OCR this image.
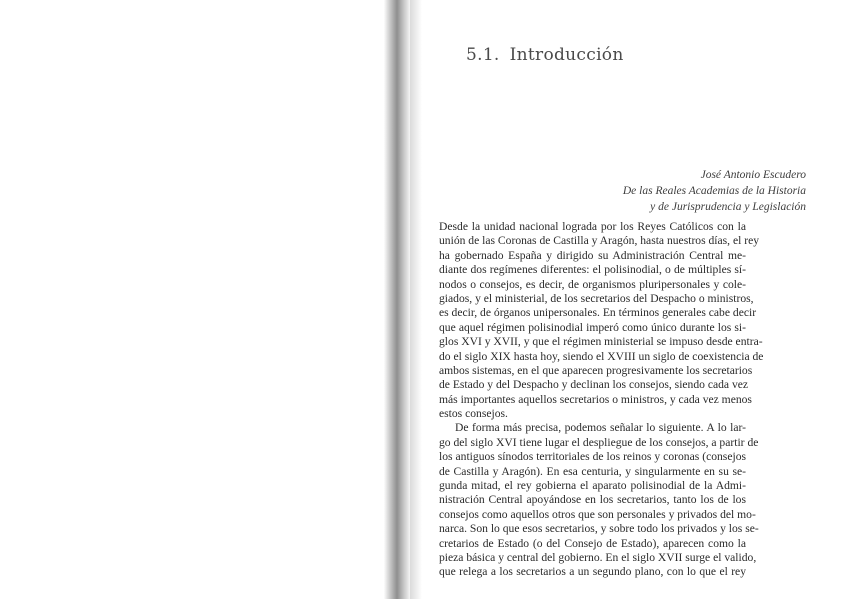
5.1. Introducción
José Antonio Escudero
De las Reales Academias de la Historia
y de Jurisprudencia y Legislación
Desde la unidad nacional lograda por los Reyes Católicos con la
unión de las Coronas de Castilla y Aragón, hasta nuestros días, el rey
ha gobernado España y dirigido su Administración Central me-
diante dos regímenes diferentes: el polisinodial, o de múltiples sí-
nodos o consejos, es decir, de organismos pluripersonales y cole-
giados, y el ministerial, de los secretarios del Despacho o ministros,
es decir, de órganos unipersonales. En términos generales cabe decir
que aquel régimen polisinodial imperó como único durante los si-
glos XVI y XVII, y que el régimen ministerial se impuso desde entra-
do el siglo XIX hasta hoy, siendo el XVIII un siglo de coexistencia de
ambos sistemas, en el que aparecen progresivamente los secretarios
de Estado y del Despacho y declinan los consejos, siendo cada vez
más importantes aquellos secretarios o ministros, y cada vez menos
estos consejos.
De forma más precisa, podemos señalar lo siguiente. A lo lar-
go del siglo XVI tiene lugar el despliegue de los consejos, a partir de
los antiguos sínodos territoriales de los reinos y coronas (consejos
de Castilla y Aragón). En esa centuria, y singularmente en su se-
gunda mitad, el rey gobierna el aparato polisinodial de la Admi-
nistración Central apoyándose en los secretarios, tanto los de los
consejos como aquellos otros que son personales y privados del mo-
narca. Son lo que esos secretarios, y sobre todo los privados y los se-
cretarios de Estado (o del Consejo de Estado), aparecen como la
pieza básica y central del gobierno. En el siglo XVII surge el valido,
que relega a los secretarios a un segundo plano, con lo que el rey
